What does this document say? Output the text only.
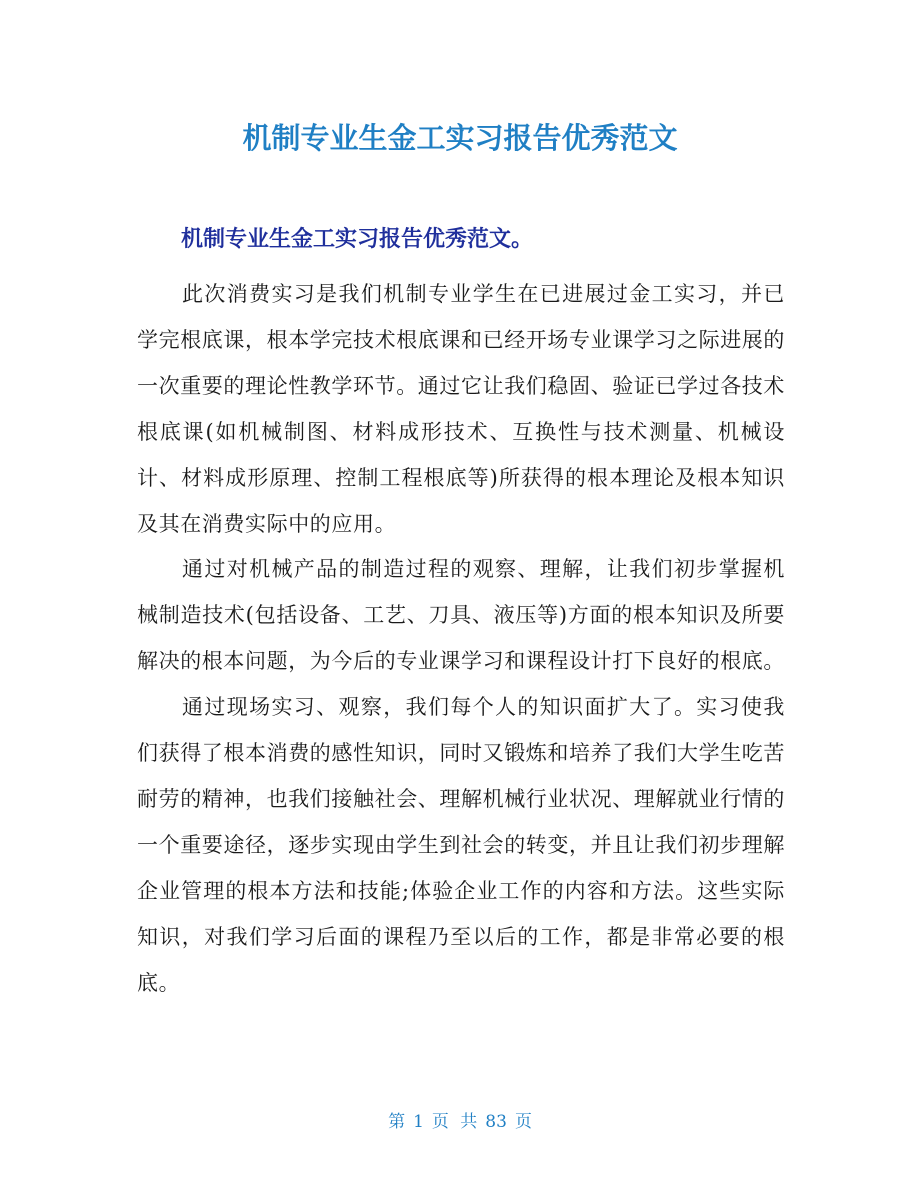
机制专业生金工实习报告优秀范文
机制专业生金工实习报告优秀范文。

此次消费实习是我们机制专业学生在已进展过金工实习，并已学完根底课，根本学完技术根底课和已经开场专业课学习之际进展的一次重要的理论性教学环节。通过它让我们稳固、验证已学过各技术根底课(如机械制图、材料成形技术、互换性与技术测量、机械设计、材料成形原理、控制工程根底等)所获得的根本理论及根本知识及其在消费实际中的应用。

通过对机械产品的制造过程的观察、理解，让我们初步掌握机械制造技术(包括设备、工艺、刀具、液压等)方面的根本知识及所要解决的根本问题，为今后的专业课学习和课程设计打下良好的根底。

通过现场实习、观察，我们每个人的知识面扩大了。实习使我们获得了根本消费的感性知识，同时又锻炼和培养了我们大学生吃苦耐劳的精神，也我们接触社会、理解机械行业状况、理解就业行情的一个重要途径，逐步实现由学生到社会的转变，并且让我们初步理解企业管理的根本方法和技能;体验企业工作的内容和方法。这些实际知识，对我们学习后面的课程乃至以后的工作，都是非常必要的根底。

第 1 页 共 83 页
